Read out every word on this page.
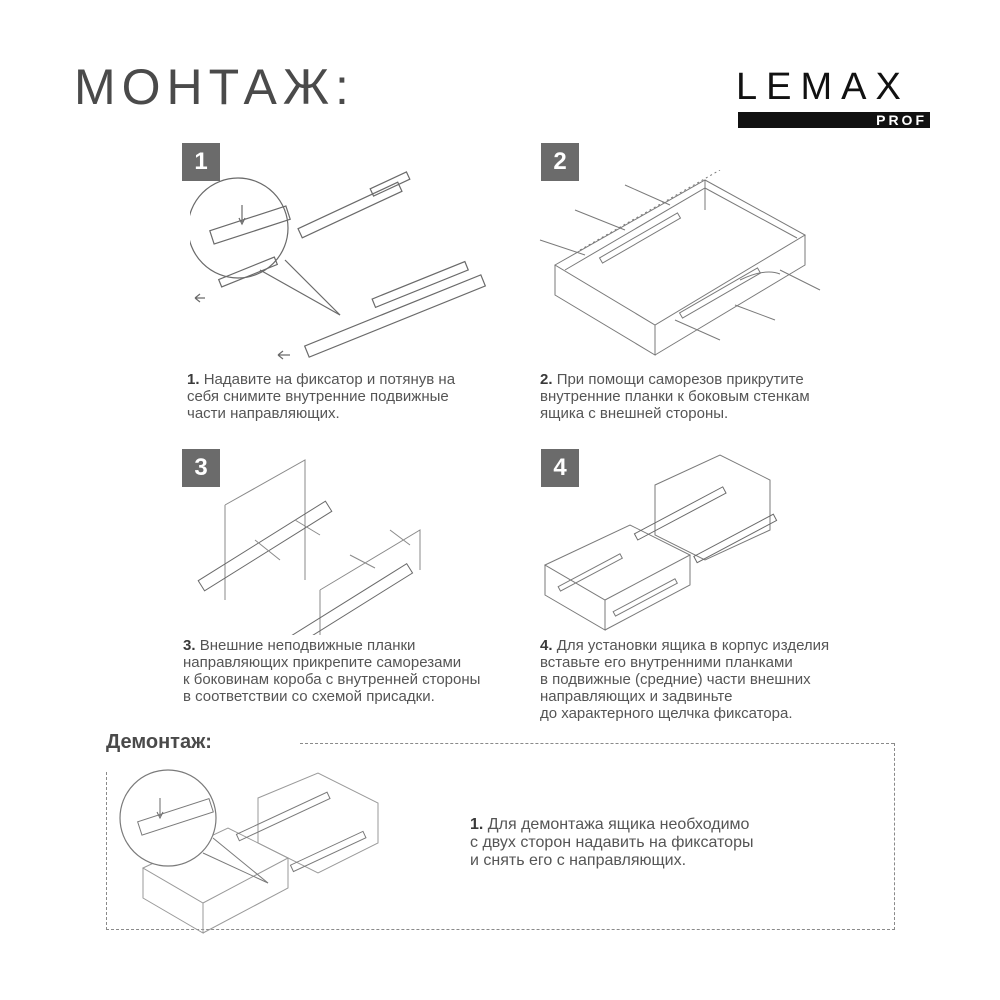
МОНТАЖ:	LEMAX
PROF
1
1. Надавите на фиксатор и потянув на
себя снимите внутренние подвижные
части направляющих.
2
2. При помощи саморезов прикрутите
внутренние планки к боковым стенкам
ящика с внешней стороны.
3
3. Внешние неподвижные планки
направляющих прикрепите саморезами
к боковинам короба с внутренней стороны
в соответствии со схемой присадки.
4
4. Для установки ящика в корпус изделия
вставьте его внутренними планками
в подвижные (средние) части внешних
направляющих и задвиньте
до характерного щелчка фиксатора.
Демонтаж:
1. Для демонтажа ящика необходимо
с двух сторон надавить на фиксаторы
и снять его с направляющих.
